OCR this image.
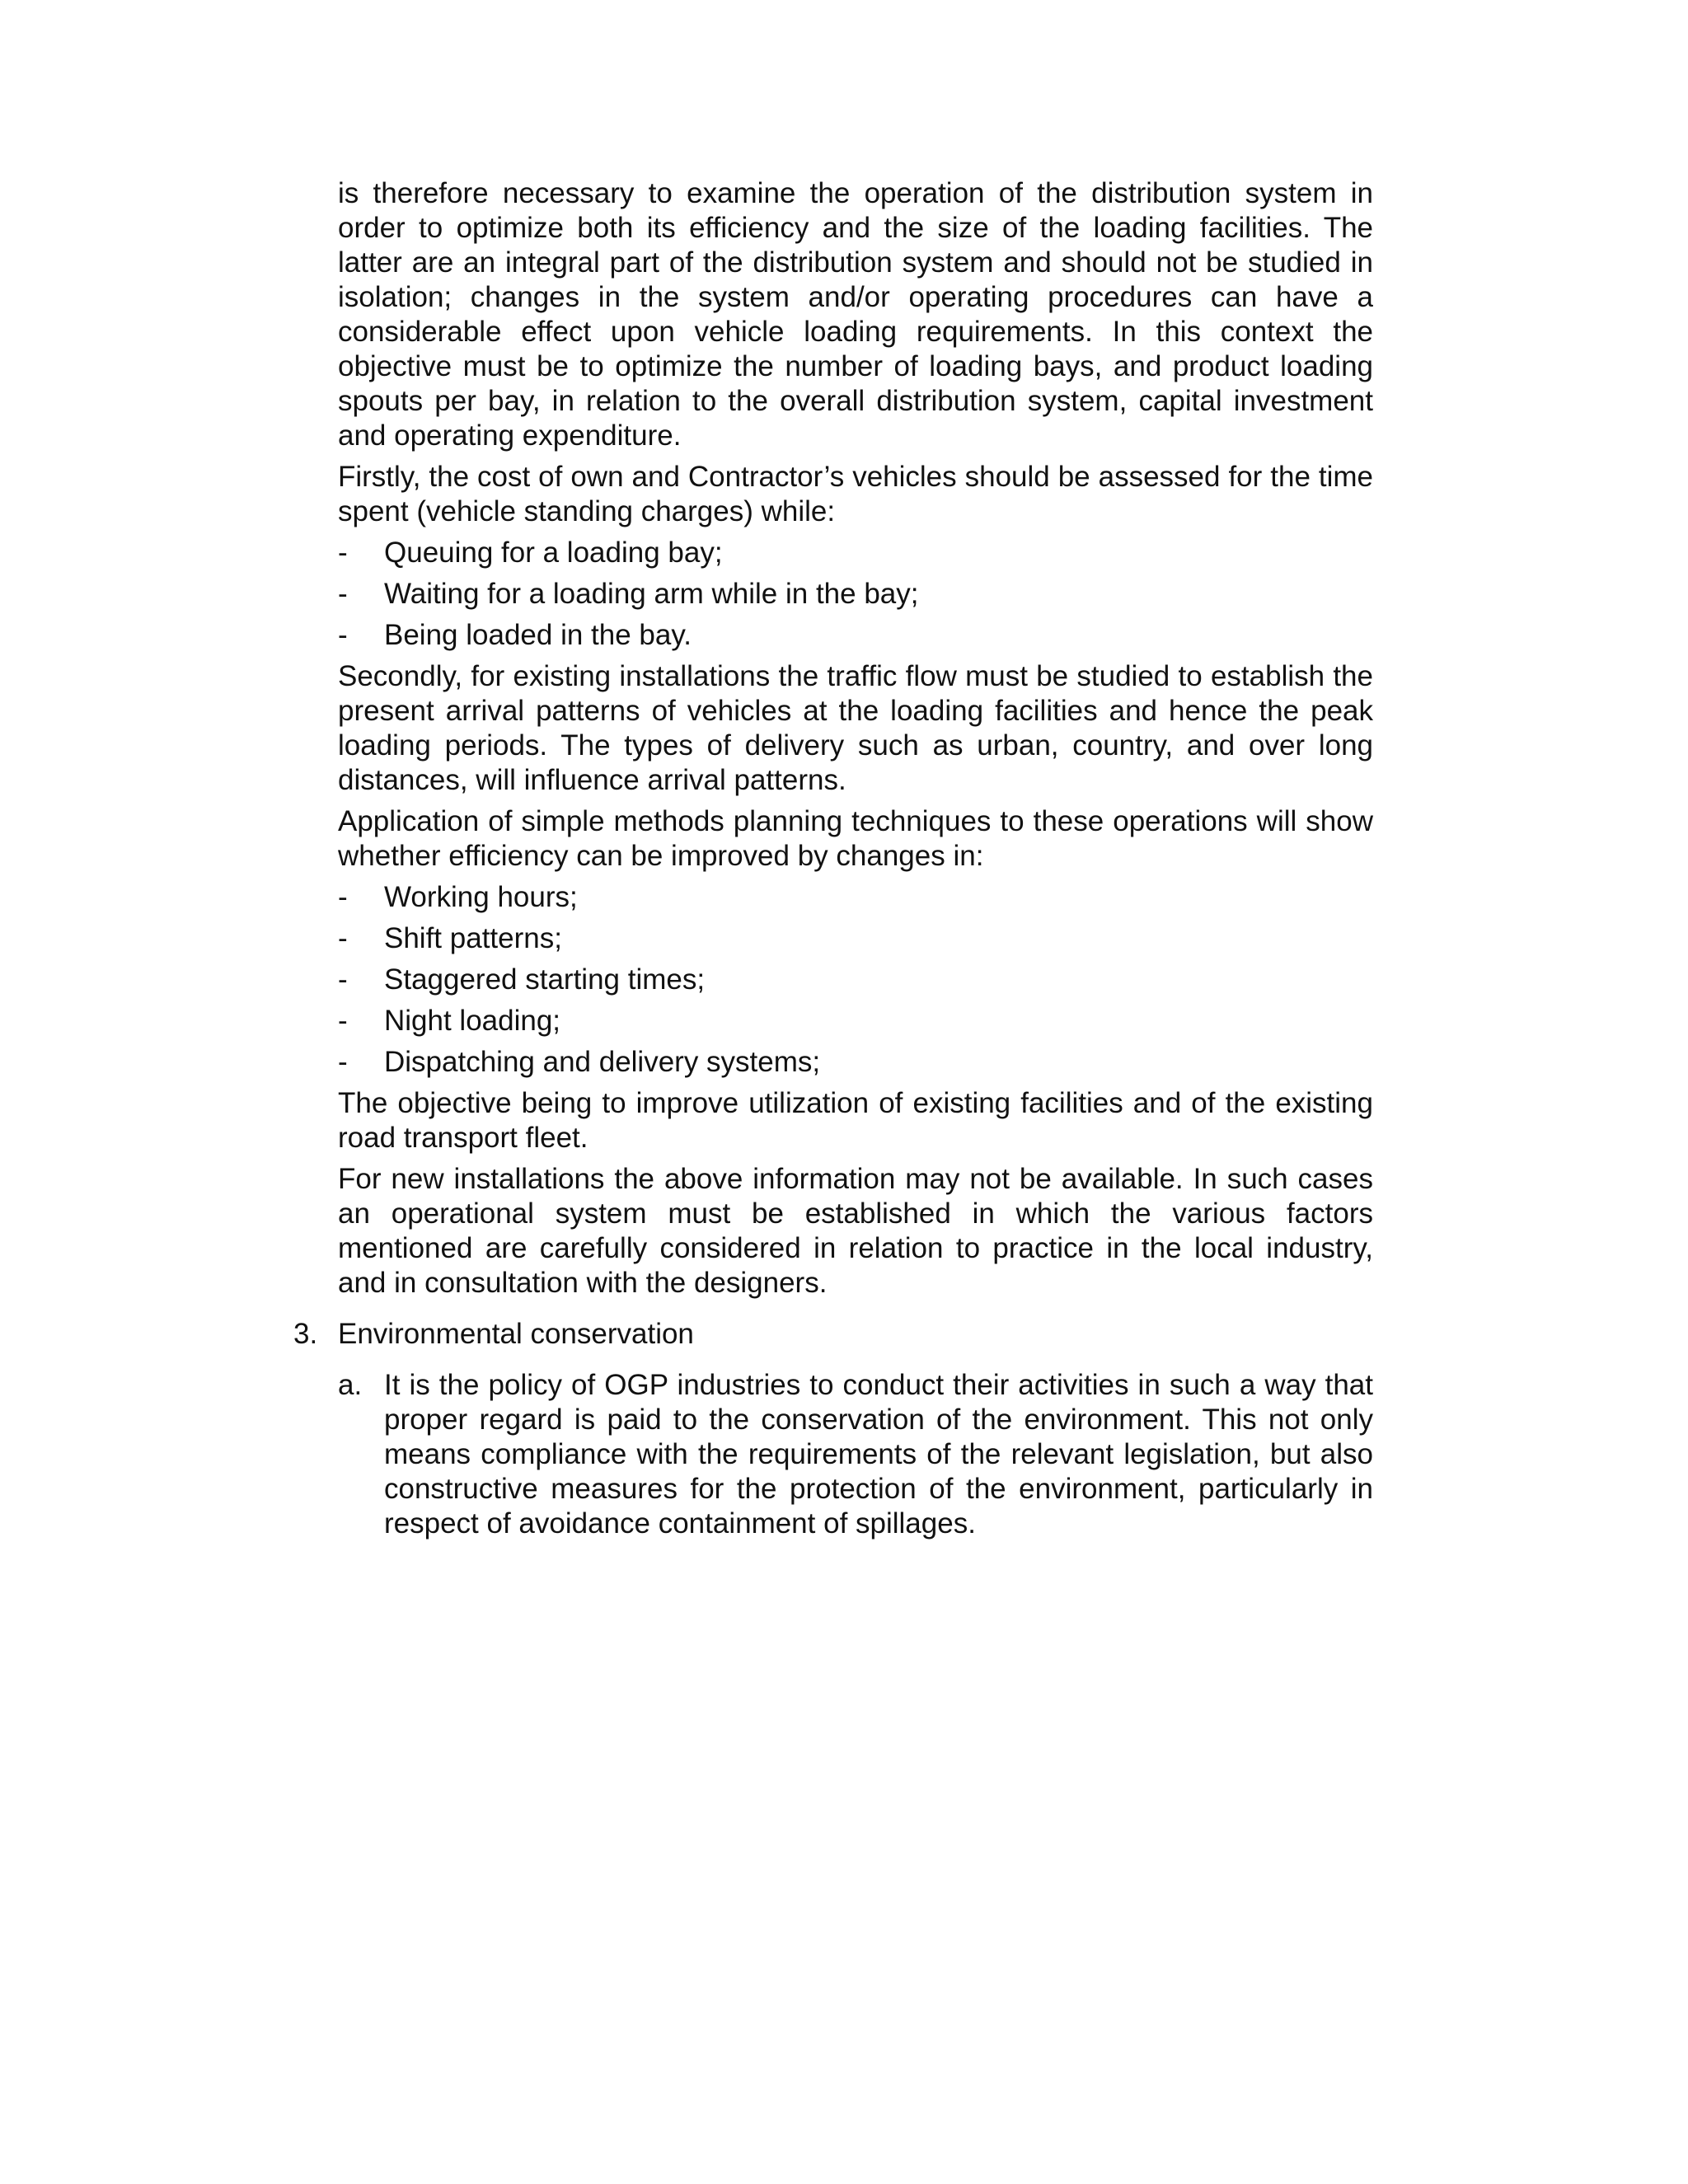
is therefore necessary to examine the operation of the distribution system in order to optimize both its efficiency and the size of the loading facilities. The latter are an integral part of the distribution system and should not be studied in isolation; changes in the system and/or operating procedures can have a considerable effect upon vehicle loading requirements. In this context the objective must be to optimize the number of loading bays, and product loading spouts per bay, in relation to the overall distribution system, capital investment and operating expenditure.

Firstly, the cost of own and Contractor’s vehicles should be assessed for the time spent (vehicle standing charges) while:

- Queuing for a loading bay;
- Waiting for a loading arm while in the bay;
- Being loaded in the bay.

Secondly, for existing installations the traffic flow must be studied to establish the present arrival patterns of vehicles at the loading facilities and hence the peak loading periods. The types of delivery such as urban, country, and over long distances, will influence arrival patterns.

Application of simple methods planning techniques to these operations will show whether efficiency can be improved by changes in:

- Working hours;
- Shift patterns;
- Staggered starting times;
- Night loading;
- Dispatching and delivery systems;

The objective being to improve utilization of existing facilities and of the existing road transport fleet.

For new installations the above information may not be available. In such cases an operational system must be established in which the various factors mentioned are carefully considered in relation to practice in the local industry, and in consultation with the designers.

3. Environmental conservation
a. It is the policy of OGP industries to conduct their activities in such a way that proper regard is paid to the conservation of the environment. This not only means compliance with the requirements of the relevant legislation, but also constructive measures for the protection of the environment, particularly in respect of avoidance containment of spillages.
